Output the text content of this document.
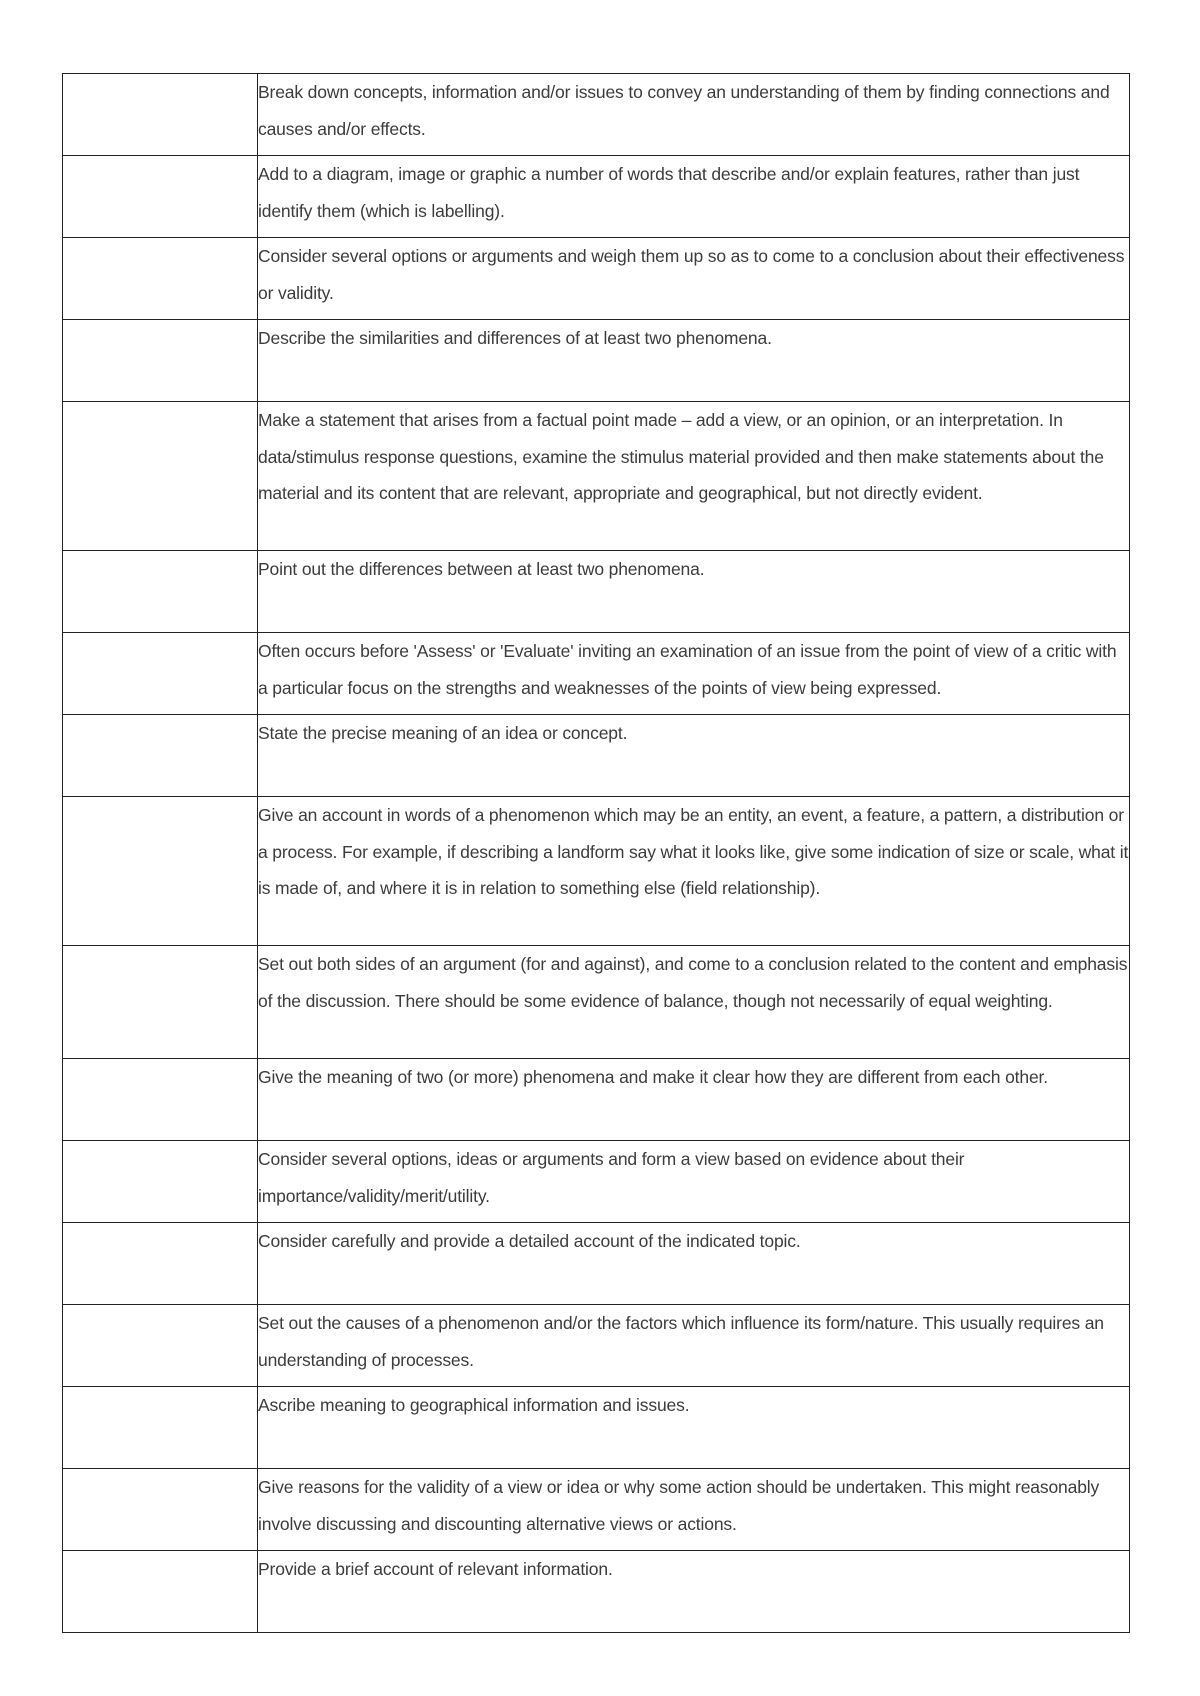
	Break down concepts, information and/or issues to convey an understanding of them by finding connections and causes and/or effects.
	Add to a diagram, image or graphic a number of words that describe and/or explain features, rather than just identify them (which is labelling).
	Consider several options or arguments and weigh them up so as to come to a conclusion about their effectiveness or validity.
	Describe the similarities and differences of at least two phenomena.
	Make a statement that arises from a factual point made – add a view, or an opinion, or an interpretation. In data/stimulus response questions, examine the stimulus material provided and then make statements about the material and its content that are relevant, appropriate and geographical, but not directly evident.
	Point out the differences between at least two phenomena.
	Often occurs before 'Assess' or 'Evaluate' inviting an examination of an issue from the point of view of a critic with a particular focus on the strengths and weaknesses of the points of view being expressed.
	State the precise meaning of an idea or concept.
	Give an account in words of a phenomenon which may be an entity, an event, a feature, a pattern, a distribution or a process. For example, if describing a landform say what it looks like, give some indication of size or scale, what it is made of, and where it is in relation to something else (field relationship).
	Set out both sides of an argument (for and against), and come to a conclusion related to the content and emphasis of the discussion. There should be some evidence of balance, though not necessarily of equal weighting.
	Give the meaning of two (or more) phenomena and make it clear how they are different from each other.
	Consider several options, ideas or arguments and form a view based on evidence about their importance/validity/merit/utility.
	Consider carefully and provide a detailed account of the indicated topic.
	Set out the causes of a phenomenon and/or the factors which influence its form/nature. This usually requires an understanding of processes.
	Ascribe meaning to geographical information and issues.
	Give reasons for the validity of a view or idea or why some action should be undertaken. This might reasonably involve discussing and discounting alternative views or actions.
	Provide a brief account of relevant information.
